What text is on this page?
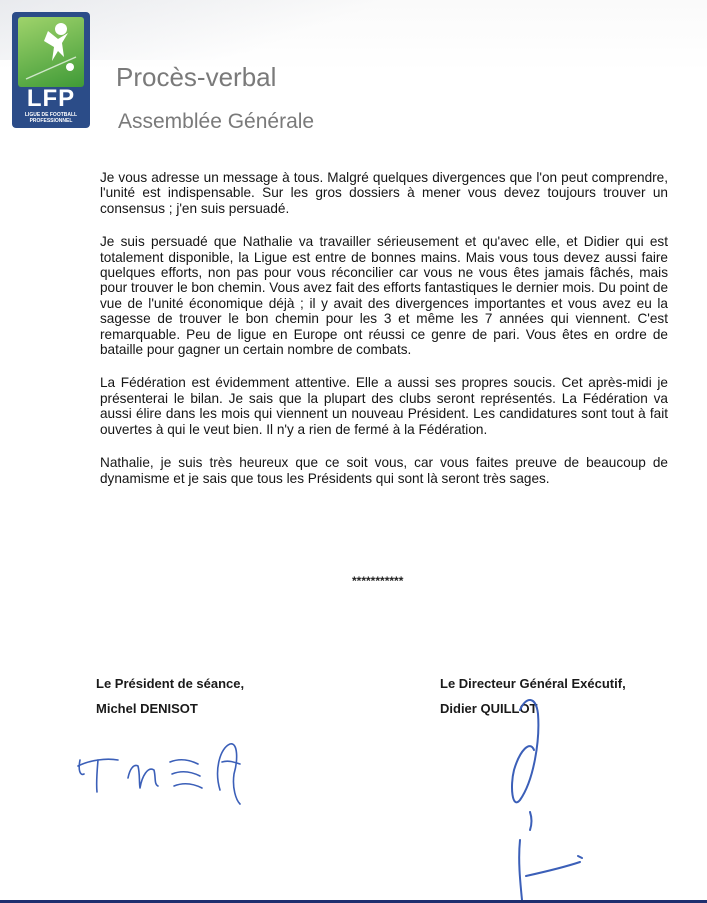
LFP
LIGUE DE FOOTBALL PROFESSIONNEL
Procès-verbal
Assemblée Générale

Je vous adresse un message à tous. Malgré quelques divergences que l'on peut comprendre, l'unité est indispensable. Sur les gros dossiers à mener vous devez toujours trouver un consensus ; j'en suis persuadé.

Je suis persuadé que Nathalie va travailler sérieusement et qu'avec elle, et Didier qui est totalement disponible, la Ligue est entre de bonnes mains. Mais vous tous devez aussi faire quelques efforts, non pas pour vous réconcilier car vous ne vous êtes jamais fâchés, mais pour trouver le bon chemin. Vous avez fait des efforts fantastiques le dernier mois. Du point de vue de l'unité économique déjà ; il y avait des divergences importantes et vous avez eu la sagesse de trouver le bon chemin pour les 3 et même les 7 années qui viennent. C'est remarquable. Peu de ligue en Europe ont réussi ce genre de pari. Vous êtes en ordre de bataille pour gagner un certain nombre de combats.

La Fédération est évidemment attentive. Elle a aussi ses propres soucis. Cet après-midi je présenterai le bilan. Je sais que la plupart des clubs seront représentés. La Fédération va aussi élire dans les mois qui viennent un nouveau Président. Les candidatures sont tout à fait ouvertes à qui le veut bien. Il n'y a rien de fermé à la Fédération.

Nathalie, je suis très heureux que ce soit vous, car vous faites preuve de beaucoup de dynamisme et je sais que tous les Présidents qui sont là seront très sages.

***********
Le Président de séance,
Michel DENISOT
Le Directeur Général Exécutif,
Didier QUILLOT
